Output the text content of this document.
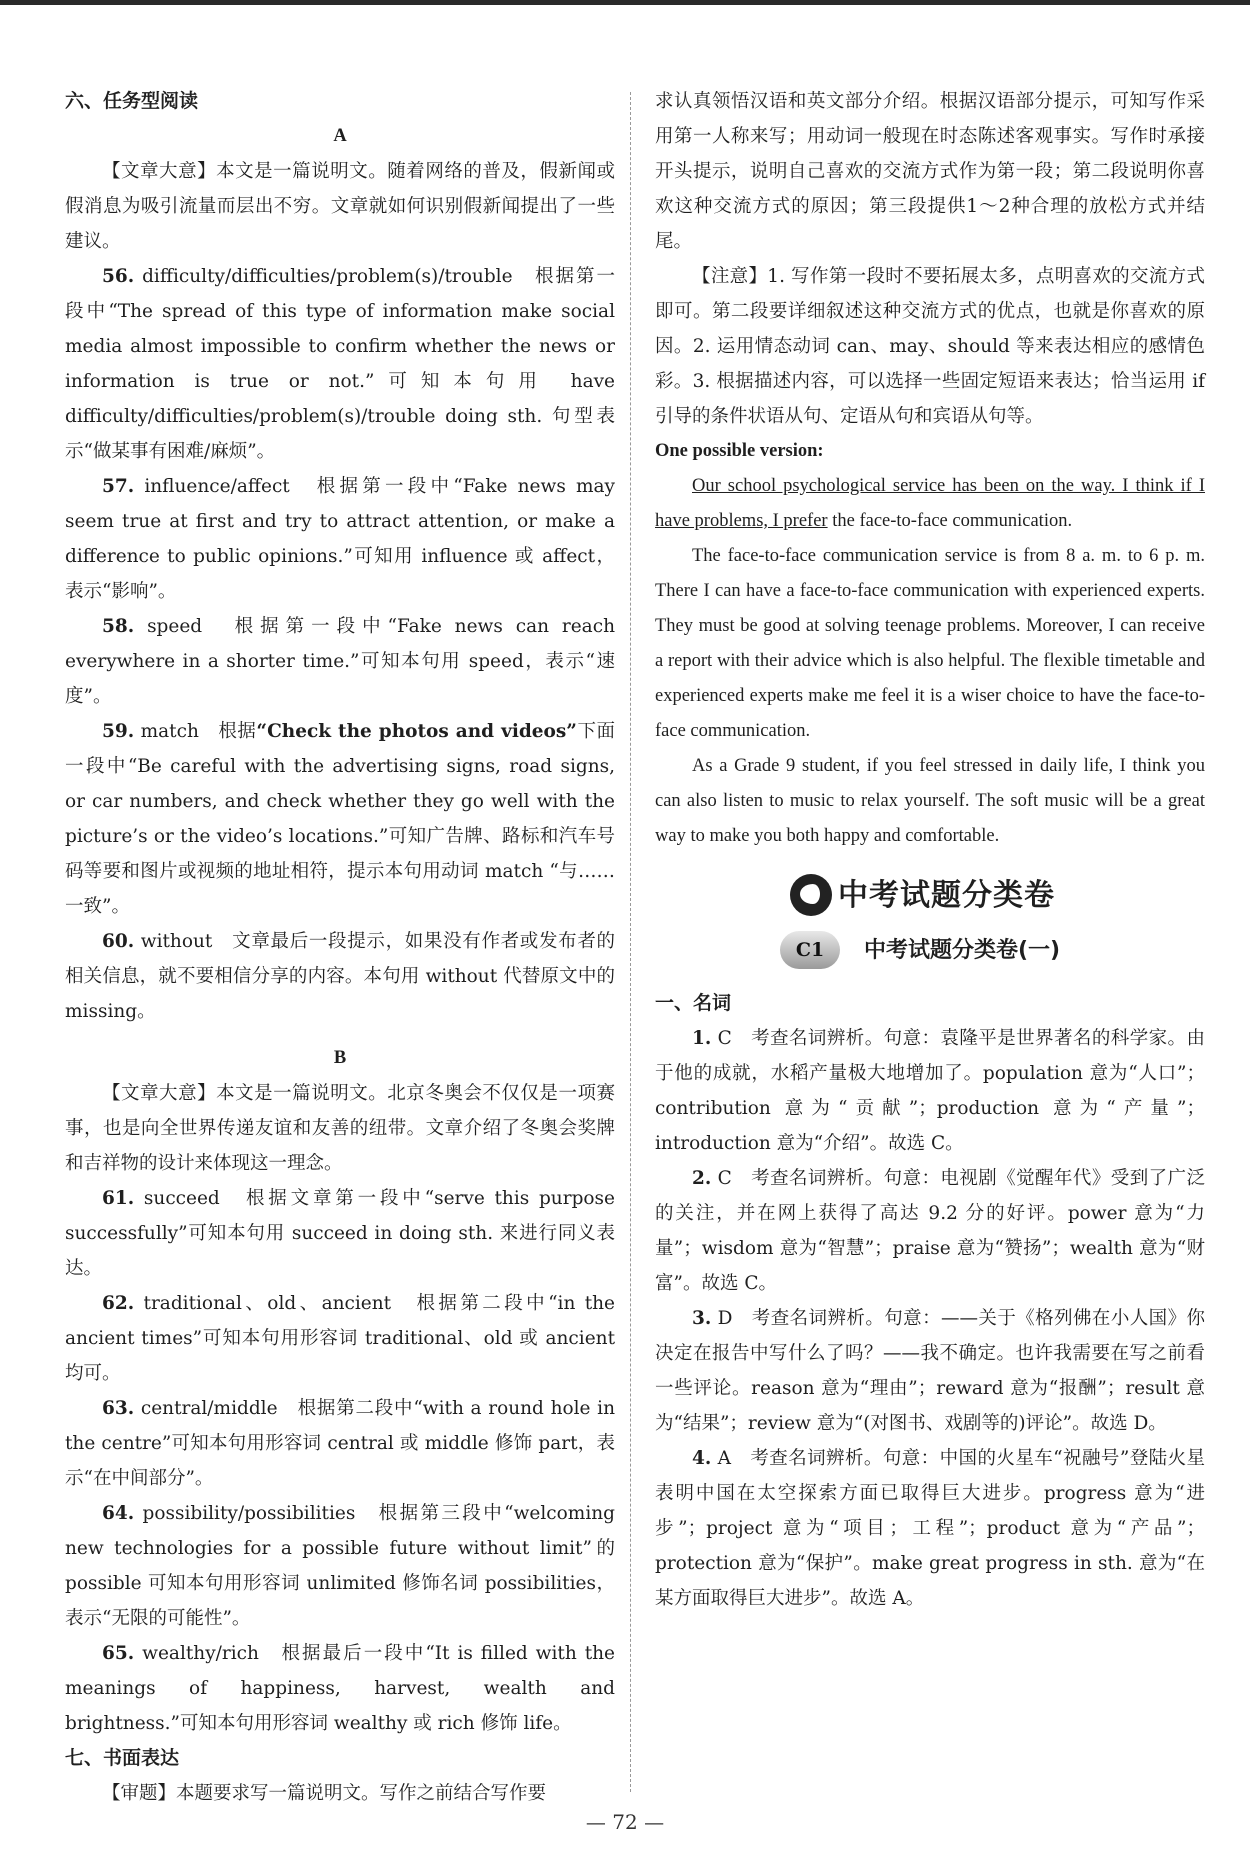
六、任务型阅读

A

【文章大意】本文是一篇说明文。随着网络的普及，假新闻或假消息为吸引流量而层出不穷。文章就如何识别假新闻提出了一些建议。

56. difficulty/difficulties/problem(s)/trouble　根据第一段中“The spread of this type of information make social media almost impossible to confirm whether the news or information is true or not.”可知本句用 have difficulty/difficulties/problem(s)/trouble doing sth. 句型表示“做某事有困难/麻烦”。

57. influence/affect　根据第一段中“Fake news may seem true at first and try to attract attention, or make a difference to public opinions.”可知用 influence 或 affect，表示“影响”。

58. speed　根据第一段中“Fake news can reach everywhere in a shorter time.”可知本句用 speed，表示“速度”。

59. match　根据“Check the photos and videos”下面一段中“Be careful with the advertising signs, road signs, or car numbers, and check whether they go well with the picture’s or the video’s locations.”可知广告牌、路标和汽车号码等要和图片或视频的地址相符，提示本句用动词 match “与……一致”。

60. without　文章最后一段提示，如果没有作者或发布者的相关信息，就不要相信分享的内容。本句用 without 代替原文中的 missing。

B

【文章大意】本文是一篇说明文。北京冬奥会不仅仅是一项赛事，也是向全世界传递友谊和友善的纽带。文章介绍了冬奥会奖牌和吉祥物的设计来体现这一理念。

61. succeed　根据文章第一段中“serve this purpose successfully”可知本句用 succeed in doing sth. 来进行同义表达。

62. traditional、old、ancient　根据第二段中“in the ancient times”可知本句用形容词 traditional、old 或 ancient 均可。

63. central/middle　根据第二段中“with a round hole in the centre”可知本句用形容词 central 或 middle 修饰 part，表示“在中间部分”。

64. possibility/possibilities　根据第三段中“welcoming new technologies for a possible future without limit”的 possible 可知本句用形容词 unlimited 修饰名词 possibilities，表示“无限的可能性”。

65. wealthy/rich　根据最后一段中“It is filled with the meanings of happiness, harvest, wealth and brightness.”可知本句用形容词 wealthy 或 rich 修饰 life。

七、书面表达

【审题】本题要求写一篇说明文。写作之前结合写作要

求认真领悟汉语和英文部分介绍。根据汉语部分提示，可知写作采用第一人称来写；用动词一般现在时态陈述客观事实。写作时承接开头提示，说明自己喜欢的交流方式作为第一段；第二段说明你喜欢这种交流方式的原因；第三段提供1～2种合理的放松方式并结尾。

【注意】1. 写作第一段时不要拓展太多，点明喜欢的交流方式即可。第二段要详细叙述这种交流方式的优点，也就是你喜欢的原因。2. 运用情态动词 can、may、should 等来表达相应的感情色彩。3. 根据描述内容，可以选择一些固定短语来表达；恰当运用 if 引导的条件状语从句、定语从句和宾语从句等。

One possible version:

Our school psychological service has been on the way. I think if I have problems, I prefer the face-to-face communication.

The face-to-face communication service is from 8 a. m. to 6 p. m. There I can have a face-to-face communication with experienced experts. They must be good at solving teenage problems. Moreover, I can receive a report with their advice which is also helpful. The flexible timetable and experienced experts make me feel it is a wiser choice to have the face-to-face communication.

As a Grade 9 student, if you feel stressed in daily life, I think you can also listen to music to relax yourself. The soft music will be a great way to make you both happy and comfortable.

中考试题分类卷
C1	中考试题分类卷(一)
一、名词

1. C　考查名词辨析。句意：袁隆平是世界著名的科学家。由于他的成就，水稻产量极大地增加了。population 意为“人口”；contribution 意为“贡献”；production 意为“产量”；introduction 意为“介绍”。故选 C。

2. C　考查名词辨析。句意：电视剧《觉醒年代》受到了广泛的关注，并在网上获得了高达 9.2 分的好评。power 意为“力量”；wisdom 意为“智慧”；praise 意为“赞扬”；wealth 意为“财富”。故选 C。

3. D　考查名词辨析。句意：——关于《格列佛在小人国》你决定在报告中写什么了吗？——我不确定。也许我需要在写之前看一些评论。reason 意为“理由”；reward 意为“报酬”；result 意为“结果”；review 意为“(对图书、戏剧等的)评论”。故选 D。

4. A　考查名词辨析。句意：中国的火星车“祝融号”登陆火星表明中国在太空探索方面已取得巨大进步。progress 意为“进步”；project 意为“项目；工程”；product 意为“产品”；protection 意为“保护”。make great progress in sth. 意为“在某方面取得巨大进步”。故选 A。

— 72 —
